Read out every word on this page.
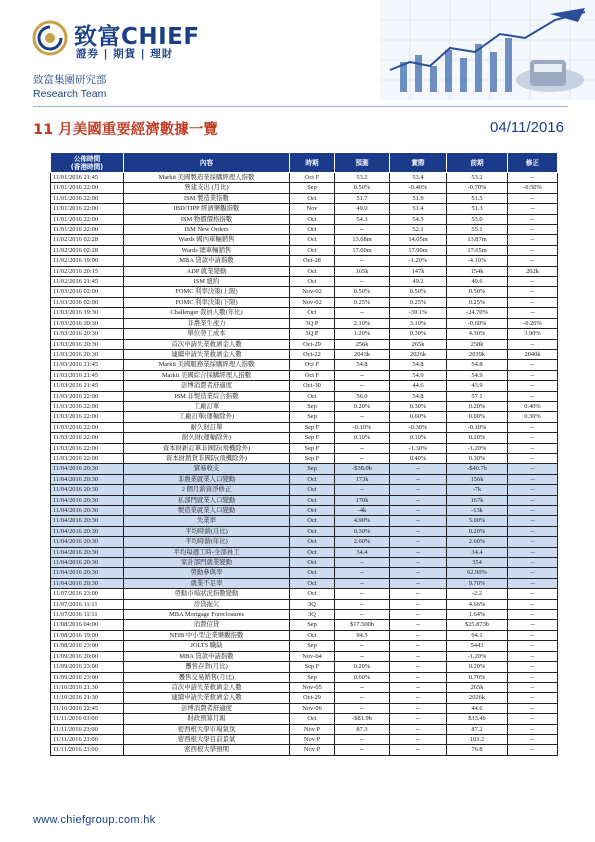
致富CHIEF
證券 | 期貨 | 理財
致富集團研究部
Research Team
11 月美國重要經濟數據一覽	04/11/2016
公佈時間
(香港時間)	內容	時期	預測	實際	前期	修正
11/01/2016 21:45	Markit 美國製造業採購經理人指數	Oct F	53.2	53.4	53.2	--
11/01/2016 22:00	營建支出 (月比)	Sep	0.50%	-0.40%	-0.70%	-0.50%
11/01/2016 22:00	ISM 製造業指數	Oct	51.7	51.9	51.5	--
11/01/2016 22:00	IBD/TIPP 經濟樂觀指數	Nov	49.0	51.4	51.3	--
11/01/2016 22:00	ISM 物價價格指數	Oct	54.3	54.5	53.0	--
11/01/2016 22:00	ISM New Orders	Oct	--	52.1	55.1	--
11/02/2016 02:28	Wards 國內車輛銷售	Oct	13.68m	14.05m	13.87m	--
11/02/2016 02:28	Wards 總車輛銷售	Oct	17.60m	17.90m	17.65m	--
11/02/2016 19:00	MBA 貸款申請指數	Oct-28	--	-1.20%	-4.10%	--
11/02/2016 20:15	ADP 就業變動	Oct	165k	147k	154k	202k
11/02/2016 21:45	ISM 紐約	Oct	--	49.2	49.6	--
11/03/2016 02:00	FOMC 利率決策(上限)	Nov-02	0.50%	0.50%	0.50%	--
11/03/2016 02:00	FOMC 利率決策(下限)	Nov-02	0.25%	0.25%	0.25%	--
11/03/2016 19:30	Challenger 裁員人數(年比)	Oct	--	-39.1%	-24.70%	--
11/03/2016 20:30	非農業生產力	3Q P	2.10%	3.10%	-0.60%	-0.20%
11/03/2016 20:30	單位勞工成本	3Q P	1.20%	0.30%	4.30%	3.90%
11/03/2016 20:30	首次申請失業救濟金人數	Oct-29	256k	265k	258k	--
11/03/2016 20:30	連續申請失業救濟金人數	Oct-22	2043k	2026k	2039k	2040k
11/03/2016 21:45	Markit 美國服務業採購經理人指數	Oct F	54.8	54.8	54.8	--
11/03/2016 21:45	Markit 美國綜合採購經理人指數	Oct F	--	54.9	54.9	--
11/03/2016 21:45	彭博消費者舒適度	Oct-30	--	44.6	43.9	--
11/03/2016 22:00	ISM 非製造業綜合指數	Oct	56.0	54.8	57.1	--
11/03/2016 22:00	工廠訂單	Sep	0.20%	0.30%	0.20%	0.40%
11/03/2016 22:00	工廠訂單(運輸除外)	Sep	--	0.60%	0.00%	0.30%
11/03/2016 22:00	耐久財訂單	Sep F	-0.10%	-0.30%	-0.10%	--
11/03/2016 22:00	耐久財(運輸除外)	Sep F	0.10%	0.10%	0.20%	--
11/03/2016 22:00	資本財新訂單非國防(飛機除外)	Sep F	--	-1.30%	-1.20%	--
11/03/2016 22:00	資本財銷貨非國防(飛機除外)	Sep F	--	0.40%	0.30%	--
11/04/2016 20:30	貿易收支	Sep	-$38.0b	--	-$40.7b	--
11/04/2016 20:30	非農業就業人口變動	Oct	173k	--	156k	--
11/04/2016 20:30	2 個月薪資淨修正	Oct	--	--	-7k	--
11/04/2016 20:30	私部門就業人口變動	Oct	170k	--	167k	--
11/04/2016 20:30	製造業就業人口變動	Oct	-4k	--	-13k	--
11/04/2016 20:30	失業率	Oct	4.90%	--	5.00%	--
11/04/2016 20:30	平均時薪(月比)	Oct	0.30%	--	0.20%	--
11/04/2016 20:30	平均時薪(年比)	Oct	2.60%	--	2.60%	--
11/04/2016 20:30	平均每週工時-全部員工	Oct	34.4	--	34.4	--
11/04/2016 20:30	家計部門就業變動	Oct	--	--	354	--
11/04/2016 20:30	勞動參與率	Oct	--	--	62.90%	--
11/04/2016 20:30	就業不足率	Oct	--	--	9.70%	--
11/07/2016 23:00	勞動市場狀況指數變動	Oct	--	--	-2.2	--
11/07/2016 11/11	房貸拖欠	3Q	--	--	4.66%	--
11/07/2016 11/11	MBA Mortgage Foreclosures	3Q	--	--	1.64%	--
11/08/2016 04:00	消費信貸	Sep	$17.500b	--	$25.873b	--
11/08/2016 19:00	NFIB 中小型企業樂觀指數	Oct	94.5	--	94.1	--
11/08/2016 23:00	JOLTS 職缺	Sep	--	--	5443	--
11/09/2016 20:00	MBA 貸款申請指數	Nov-04	--	--	-1.20%	--
11/09/2016 23:00	躉售存貨(月比)	Sep F	0.20%	--	0.20%	--
11/09/2016 23:00	躉售交易銷售(月比)	Sep	0.60%	--	0.70%	--
11/10/2016 21:30	首次申請失業救濟金人數	Nov-05	--	--	265k	--
11/10/2016 21:30	連續申請失業救濟金人數	Oct-29	--	--	2026k	--
11/10/2016 22:45	彭博消費者舒適度	Nov-06	--	--	44.6	--
11/11/2016 03:00	財政預算月報	Oct	-$81.9b	--	$33.4b	--
11/11/2016 23:00	密西根大學市場氣氛	Nov P	87.3	--	87.2	--
11/11/2016 23:00	密西根大學目前景氣	Nov P	--	--	103.2	--
11/11/2016 23:00	密西根大學預期	Nov P	--	--	76.8	--
www.chiefgroup.com.hk
